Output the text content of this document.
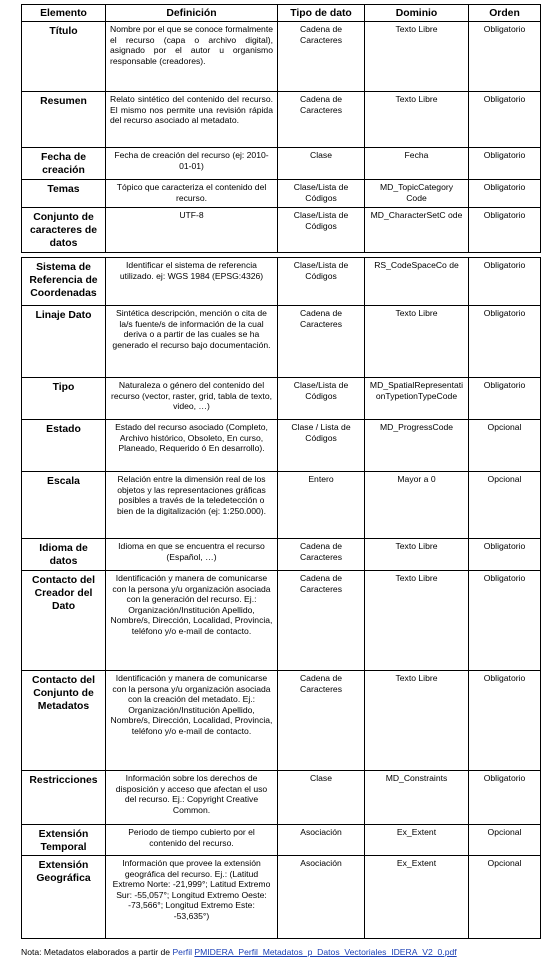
Elemento	Definición	Tipo de dato	Dominio	Orden
Título	Nombre por el que se conoce formalmente el recurso (capa o archivo digital), asignado por el autor u organismo responsable (creadores).	Cadena de Caracteres	Texto Libre	Obligatorio
Resumen	Relato sintético del contenido del recurso. El mismo nos permite una revisión rápida del recurso asociado al metadato.	Cadena de Caracteres	Texto Libre	Obligatorio
Fecha de creación	Fecha de creación del recurso (ej: 2010-01-01)	Clase	Fecha	Obligatorio
Temas	Tópico que caracteriza el contenido del recurso.	Clase/Lista de Códigos	MD_TopicCategory Code	Obligatorio
Conjunto de caracteres de datos	UTF-8	Clase/Lista de Códigos	MD_CharacterSetC ode	Obligatorio
Sistema de Referencia de Coordenadas	Identificar el sistema de referencia utilizado. ej: WGS 1984 (EPSG:4326)	Clase/Lista de Códigos	RS_CodeSpaceCo de	Obligatorio
Linaje Dato	Sintética descripción, mención o cita de la/s fuente/s de información de la cual deriva o a partir de las cuales se ha generado el recurso bajo documentación.	Cadena de Caracteres	Texto Libre	Obligatorio
Tipo	Naturaleza o género del contenido del recurso (vector, raster, grid, tabla de texto, video, …)	Clase/Lista de Códigos	MD_SpatialRepresentationTypetionTypeCode	Obligatorio
Estado	Estado del recurso asociado (Completo, Archivo histórico, Obsoleto, En curso, Planeado, Requerido ó En desarrollo).	Clase / Lista de Códigos	MD_ProgressCode	Opcional
Escala	Relación entre la dimensión real de los objetos y las representaciones gráficas posibles a través de la teledetección o bien de la digitalización (ej: 1:250.000).	Entero	Mayor a 0	Opcional
Idioma de datos	Idioma en que se encuentra el recurso (Español, …)	Cadena de Caracteres	Texto Libre	Obligatorio
Contacto del Creador del Dato	Identificación y manera de comunicarse con la persona y/u organización asociada con la generación del recurso. Ej.: Organización/Institución Apellido, Nombre/s, Dirección, Localidad, Provincia, teléfono y/o e-mail de contacto.	Cadena de Caracteres	Texto Libre	Obligatorio
Contacto del Conjunto de Metadatos	Identificación y manera de comunicarse con la persona y/u organización asociada con la creación del metadato. Ej.: Organización/Institución Apellido, Nombre/s, Dirección, Localidad, Provincia, teléfono y/o e-mail de contacto.	Cadena de Caracteres	Texto Libre	Obligatorio
Restricciones	Información sobre los derechos de disposición y acceso que afectan el uso del recurso. Ej.: Copyright Creative Common.	Clase	MD_Constraints	Obligatorio
Extensión Temporal	Periodo de tiempo cubierto por el contenido del recurso.	Asociación	Ex_Extent	Opcional
Extensión Geográfica	Información que provee la extensión geográfica del recurso. Ej.: (Latitud Extremo Norte: -21,999°; Latitud Extremo Sur: -55,057°; Longitud Extremo Oeste: -73,566°; Longitud Extremo Este: -53,635°)	Asociación	Ex_Extent	Opcional
Nota: Metadatos elaborados a partir de Perfil PMIDERA_Perfil_Metadatos_p_Datos_Vectoriales_IDERA_V2_0.pdf
